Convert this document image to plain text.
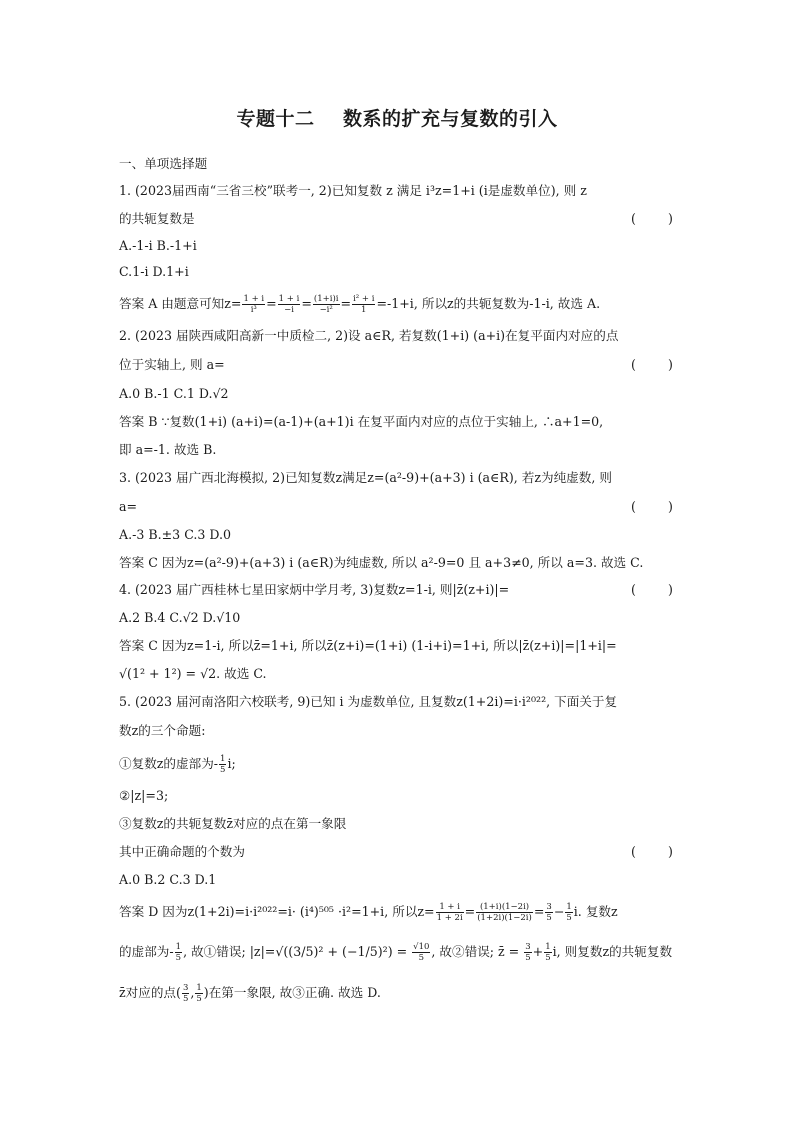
专题十二    数系的扩充与复数的引入
一、单项选择题
1. (2023届西南“三省三校”联考一, 2)已知复数 z 满足 i³z=1+i (i是虚数单位), 则 z
的共轭复数是	(        )
A.-1-i B.-1+i
C.1-i D.1+i
答案 A 由题意可知$z= \frac{1 + i}{\text{i³}} = \frac{1 + i}{-i} = \frac{(1+i)i}{\text{−i²}} = \frac{\text{i² + i}}{1} =-1+i$, 所以z的共轭复数为-1-i, 故选 A.
2. (2023 届陕西咸阳高新一中质检二, 2)设 a∈R, 若复数(1+i) (a+i)在复平面内对应的点
位于实轴上, 则 a=	(        )
A.0 B.-1 C.1 D.√2
答案 B ∵复数(1+i) (a+i)=(a-1)+(a+1)i 在复平面内对应的点位于实轴上, ∴a+1=0,
即 a=-1. 故选 B.
3. (2023 届广西北海模拟, 2)已知复数z满足z=(a²-9)+(a+3) i (a∈R), 若z为纯虚数, 则
a=	(        )
A.-3 B.±3 C.3 D.0
答案 C 因为z=(a²-9)+(a+3) i (a∈R)为纯虚数, 所以 a²-9=0 且 a+3≠0, 所以 a=3. 故选 C.
4. (2023 届广西桂林七星田家炳中学月考, 3)复数z=1-i, 则|z̄(z+i)|=	(        )
A.2 B.4 C.√2 D.√10
答案 C 因为z=1-i, 所以z̄=1+i, 所以z̄(z+i)=(1+i) (1-i+i)=1+i, 所以|z̄(z+i)|=|1+i|=
√(1² + 1²) = √2. 故选 C.
5. (2023 届河南洛阳六校联考, 9)已知 i 为虚数单位, 且复数z(1+2i)=i·i²⁰²², 下面关于复
数z的三个命题:
①复数z的虚部为- $\frac{1}{5} i$;
②|z|=3;
③复数z的共轭复数z̄对应的点在第一象限
其中正确命题的个数为	(        )
A.0 B.2 C.3 D.1
答案 D 因为z(1+2i)=i·i²⁰²²=i· (i⁴)⁵⁰⁵ ·i²=1+i, 所以$z= \frac{1 + i}{1 + 2i} = \frac{(1+i)(1-2i)}{(1+2i)(1-2i)} = \frac{3}{5} - \frac{1}{5} i$. 复数z
的虚部为- $\frac{1}{5}$ , 故①错误; $|z|=√((3/5)^2 + (-1/5)^2) = \frac{√10}{5}$ , 故②错误; z̄ = $\frac{3}{5} + \frac{1}{5} i$, 则复数z的共轭复数
z̄对应的点( $\frac{3}{5}$ , $\frac{1}{5}$ )在第一象限, 故③正确. 故选 D.
